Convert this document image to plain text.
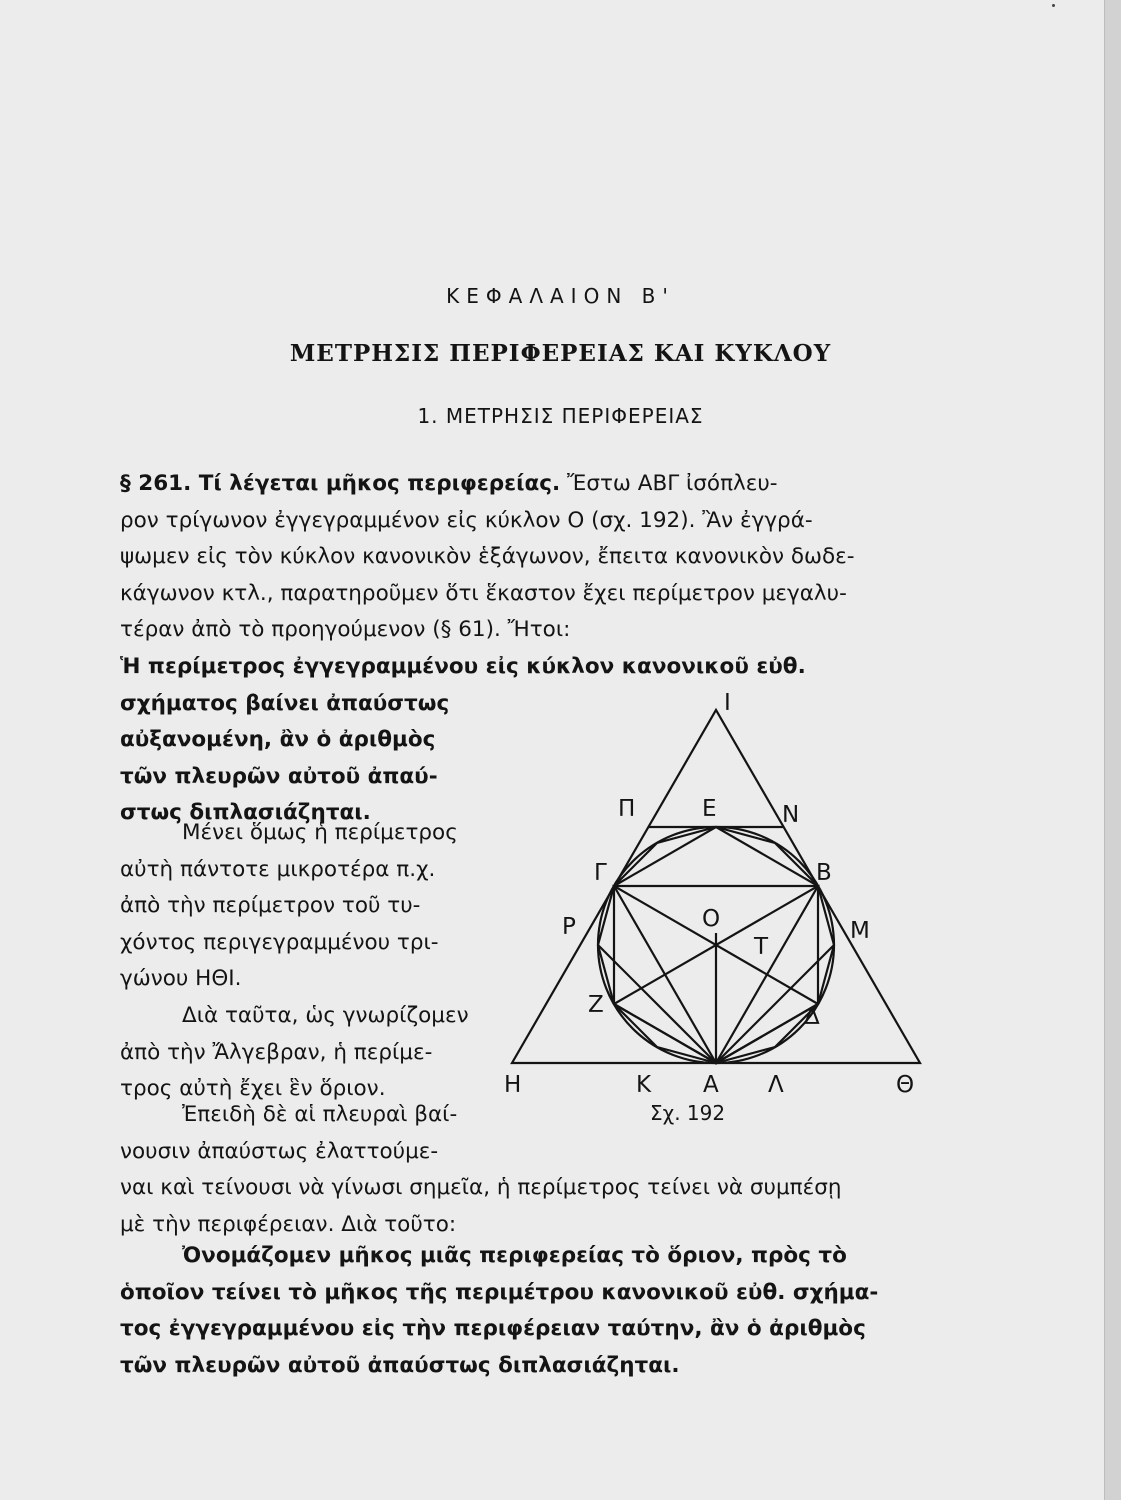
ΚΕΦΑΛΑΙΟΝ Β'
ΜΕΤΡΗΣΙΣ ΠΕΡΙΦΕΡΕΙΑΣ ΚΑΙ ΚΥΚΛΟΥ
1. ΜΕΤΡΗΣΙΣ ΠΕΡΙΦΕΡΕΙΑΣ
§ 261. Τί λέγεται μῆκος περιφερείας. Ἔστω ΑΒΓ ἰσόπλευ-
ρον τρίγωνον ἐγγεγραμμένον εἰς κύκλον Ο (σχ. 192). Ἂν ἐγγρά-
ψωμεν εἰς τὸν κύκλον κανονικὸν ἑξάγωνον, ἔπειτα κανονικὸν δωδε-
κάγωνον κτλ., παρατηροῦμεν ὅτι ἕκαστον ἔχει περίμετρον μεγαλυ-
τέραν ἀπὸ τὸ προηγούμενον (§ 61). Ἤτοι:
Ἡ περίμετρος ἐγγεγραμμένου εἰς κύκλον κανονικοῦ εὐθ.
σχήματος βαίνει ἀπαύστως
αὐξανομένη, ἂν ὁ ἀριθμὸς
τῶν πλευρῶν αὐτοῦ ἀπαύ-
στως διπλασιάζηται.
Μένει ὅμως ἡ περίμετρος
αὐτὴ πάντοτε μικροτέρα π.χ.
ἀπὸ τὴν περίμετρον τοῦ τυ-
χόντος περιγεγραμμένου τρι-
γώνου ΗΘΙ.
Διὰ ταῦτα, ὡς γνωρίζομεν
ἀπὸ τὴν Ἄλγεβραν, ἡ περίμε-
τρος αὐτὴ ἔχει ἓν ὅριον.
Ἐπειδὴ δὲ αἱ πλευραὶ βαί-
νουσιν ἀπαύστως ἐλαττούμε-
ναι καὶ τείνουσι νὰ γίνωσι σημεῖα, ἡ περίμετρος τείνει νὰ συμπέσῃ
μὲ τὴν περιφέρειαν. Διὰ τοῦτο:
Ὀνομάζομεν μῆκος μιᾶς περιφερείας τὸ ὅριον, πρὸς τὸ
ὁποῖον τείνει τὸ μῆκος τῆς περιμέτρου κανονικοῦ εὐθ. σχήμα-
τος ἐγγεγραμμένου εἰς τὴν περιφέρειαν ταύτην, ἂν ὁ ἀριθμὸς
τῶν πλευρῶν αὐτοῦ ἀπαύστως διπλασιάζηται.
Ι
Π	Ε	Ν
Γ	Β
Ο
Ρ
Τ
Μ
Ζ	Δ
Η	Κ Α Λ	Θ
Σχ. 192
